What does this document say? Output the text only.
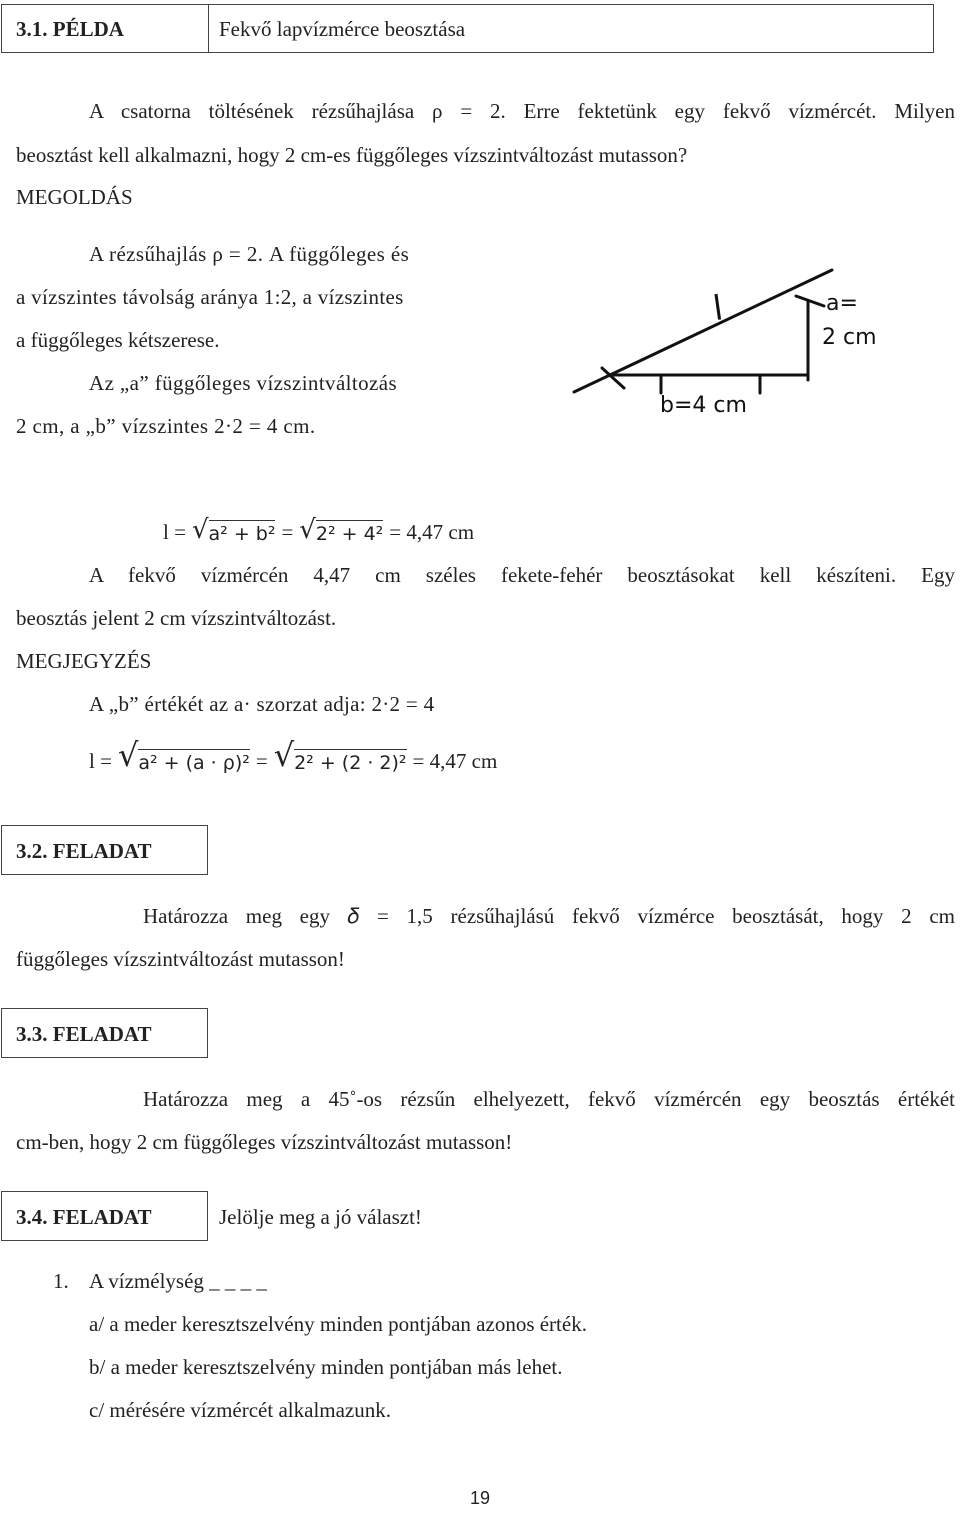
3.1. PÉLDA	Fekvő lapvízmérce beosztása
A csatorna töltésének rézsűhajlása ρ = 2. Erre fektetünk egy fekvő vízmércét. Milyen
beosztást kell alkalmazni, hogy 2 cm-es függőleges vízszintváltozást mutasson?
MEGOLDÁS
A rézsűhajlás ρ = 2. A függőleges és
a vízszintes távolság aránya 1:2, a vízszintes
a függőleges kétszerese.
Az „a” függőleges vízszintváltozás
2 cm, a „b” vízszintes 2·2 = 4 cm.
l	a=
2 cm
b=4 cm
l = √ a² + b² = √ 2² + 4² = 4,47 cm
A fekvő vízmércén 4,47 cm széles fekete-fehér beosztásokat kell készíteni. Egy
beosztás jelent 2 cm vízszintváltozást.
MEGJEGYZÉS
A „b” értékét az a· szorzat adja: 2·2 = 4
l = √ a² + (a · ρ)² = √ 2² + (2 · 2)² = 4,47 cm
3.2. FELADAT
Határozza meg egy 𝛿 = 1,5 rézsűhajlású fekvő vízmérce beosztását, hogy 2 cm
függőleges vízszintváltozást mutasson!
3.3. FELADAT
Határozza meg a 45˚-os rézsűn elhelyezett, fekvő vízmércén egy beosztás értékét
cm-ben, hogy 2 cm függőleges vízszintváltozást mutasson!
3.4. FELADAT	Jelölje meg a jó választ!
1. A vízmélység _ _ _ _
a/ a meder keresztszelvény minden pontjában azonos érték.
b/ a meder keresztszelvény minden pontjában más lehet.
c/ mérésére vízmércét alkalmazunk.
19
